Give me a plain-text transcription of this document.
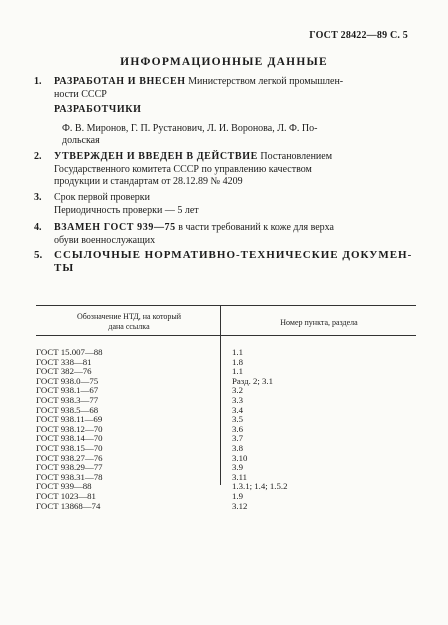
ГОСТ 28422—89 С. 5
ИНФОРМАЦИОННЫЕ ДАННЫЕ
1. РАЗРАБОТАН И ВНЕСЕН Министерством легкой промышлен-
ности СССР
РАЗРАБОТЧИКИ
Ф. В. Миронов, Г. П. Рустанович, Л. И. Воронова, Л. Ф. По-
дольская
2. УТВЕРЖДЕН И ВВЕДЕН В ДЕЙСТВИЕ Постановлением
Государственного комитета СССР по управлению качеством
продукции и стандартам от 28.12.89 № 4209
3. Срок первой проверки
Периодичность проверки — 5 лет
4. ВЗАМЕН ГОСТ 939—75 в части требований к коже для верха
обуви военнослужащих
5. ССЫЛОЧНЫЕ НОРМАТИВНО-ТЕХНИЧЕСКИЕ ДОКУМЕН-
ТЫ
Обозначение НТД, на который
дана ссылка	Номер пункта, раздела
ГОСТ 15.007—88	1.1
ГОСТ 338—81	1.8
ГОСТ 382—76	1.1
ГОСТ 938.0—75	Разд. 2; 3.1
ГОСТ 938.1—67	3.2
ГОСТ 938.3—77	3.3
ГОСТ 938.5—68	3.4
ГОСТ 938.11—69	3.5
ГОСТ 938.12—70	3.6
ГОСТ 938.14—70	3.7
ГОСТ 938.15—70	3.8
ГОСТ 938.27—76	3.10
ГОСТ 938.29—77	3.9
ГОСТ 938.31—78	3.11
ГОСТ 939—88	1.3.1; 1.4; 1.5.2
ГОСТ 1023—81	1.9
ГОСТ 13868—74	3.12
